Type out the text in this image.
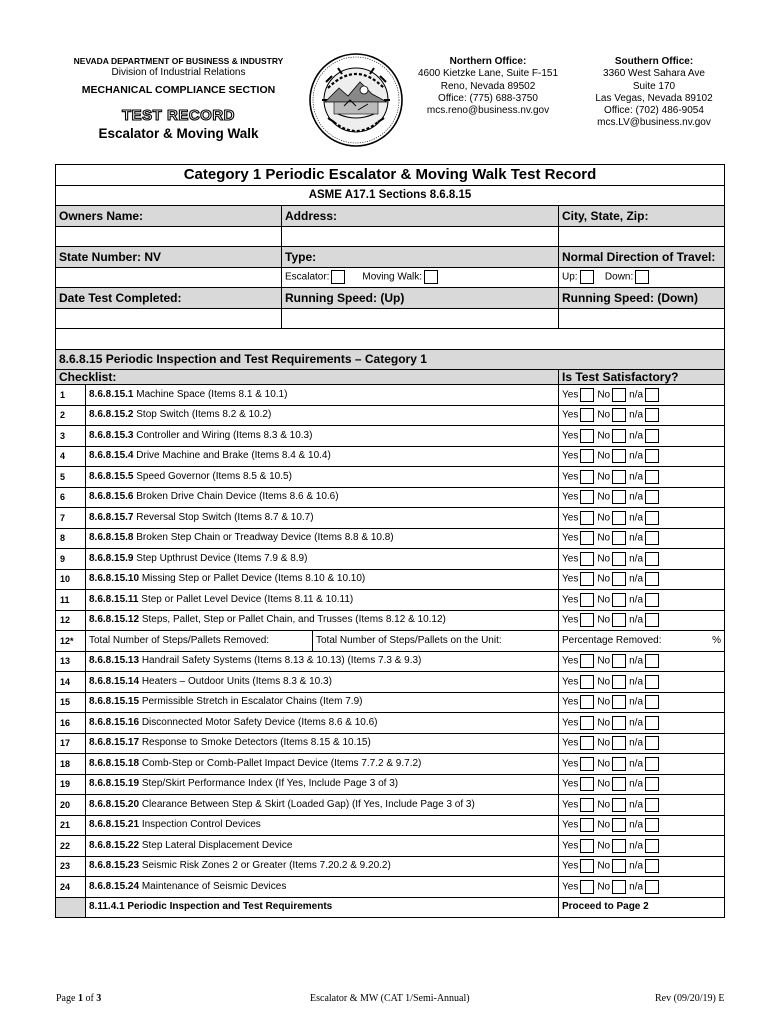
NEVADA DEPARTMENT OF BUSINESS & INDUSTRY
Division of Industrial Relations
MECHANICAL COMPLIANCE SECTION
TEST RECORD
Escalator & Moving Walk
Northern Office:
4600 Kietzke Lane, Suite F-151
Reno, Nevada 89502
Office: (775) 688-3750
mcs.reno@business.nv.gov
Southern Office:
3360 West Sahara Ave
Suite 170
Las Vegas, Nevada 89102
Office: (702) 486-9054
mcs.LV@business.nv.gov
Category 1 Periodic Escalator & Moving Walk Test Record				
ASME A17.1 Sections 8.6.8.15				
Owners Name:		Address:		City, State, Zip:

State Number: NV		Type:		Normal Direction of Travel:
		Escalator: Moving Walk:		Up: Down:
Date Test Completed:		Running Speed: (Up)		Running Speed: (Down)

8.6.8.15 Periodic Inspection and Test Requirements – Category 1				
Checklist:				Is Test Satisfactory?
1	8.6.8.15.1 Machine Space (Items 8.1 & 10.1)			Yes No n/a
2	8.6.8.15.2 Stop Switch (Items 8.2 & 10.2)			Yes No n/a
3	8.6.8.15.3 Controller and Wiring (Items 8.3 & 10.3)			Yes No n/a
4	8.6.8.15.4 Drive Machine and Brake (Items 8.4 & 10.4)			Yes No n/a
5	8.6.8.15.5 Speed Governor (Items 8.5 & 10.5)			Yes No n/a
6	8.6.8.15.6 Broken Drive Chain Device (Items 8.6 & 10.6)			Yes No n/a
7	8.6.8.15.7 Reversal Stop Switch (Items 8.7 & 10.7)			Yes No n/a
8	8.6.8.15.8 Broken Step Chain or Treadway Device (Items 8.8 & 10.8)			Yes No n/a
9	8.6.8.15.9 Step Upthrust Device (Items 7.9 & 8.9)			Yes No n/a
10	8.6.8.15.10 Missing Step or Pallet Device (Items 8.10 & 10.10)			Yes No n/a
11	8.6.8.15.11 Step or Pallet Level Device (Items 8.11 & 10.11)			Yes No n/a
12	8.6.8.15.12 Steps, Pallet, Step or Pallet Chain, and Trusses (Items 8.12 & 10.12)			Yes No n/a
12*	Total Number of Steps/Pallets Removed:		Total Number of Steps/Pallets on the Unit:	Percentage Removed: %

13	8.6.8.15.13 Handrail Safety Systems (Items 8.13 & 10.13) (Items 7.3 & 9.3)			Yes No n/a
14	8.6.8.15.14 Heaters – Outdoor Units (Items 8.3 & 10.3)			Yes No n/a
15	8.6.8.15.15 Permissible Stretch in Escalator Chains (Item 7.9)			Yes No n/a
16	8.6.8.15.16 Disconnected Motor Safety Device (Items 8.6 & 10.6)			Yes No n/a
17	8.6.8.15.17 Response to Smoke Detectors (Items 8.15 & 10.15)			Yes No n/a
18	8.6.8.15.18 Comb-Step or Comb-Pallet Impact Device (Items 7.7.2 & 9.7.2)			Yes No n/a
19	8.6.8.15.19 Step/Skirt Performance Index (If Yes, Include Page 3 of 3)			Yes No n/a
20	8.6.8.15.20 Clearance Between Step & Skirt (Loaded Gap) (If Yes, Include Page 3 of 3)			Yes No n/a
21	8.6.8.15.21 Inspection Control Devices			Yes No n/a
22	8.6.8.15.22 Step Lateral Displacement Device			Yes No n/a
23	8.6.8.15.23 Seismic Risk Zones 2 or Greater (Items 7.20.2 & 9.20.2)			Yes No n/a
24	8.6.8.15.24 Maintenance of Seismic Devices			Yes No n/a
	8.11.4.1 Periodic Inspection and Test Requirements			Proceed to Page 2
Page 1 of 3	Escalator & MW (CAT 1/Semi-Annual)	Rev (09/20/19) E
